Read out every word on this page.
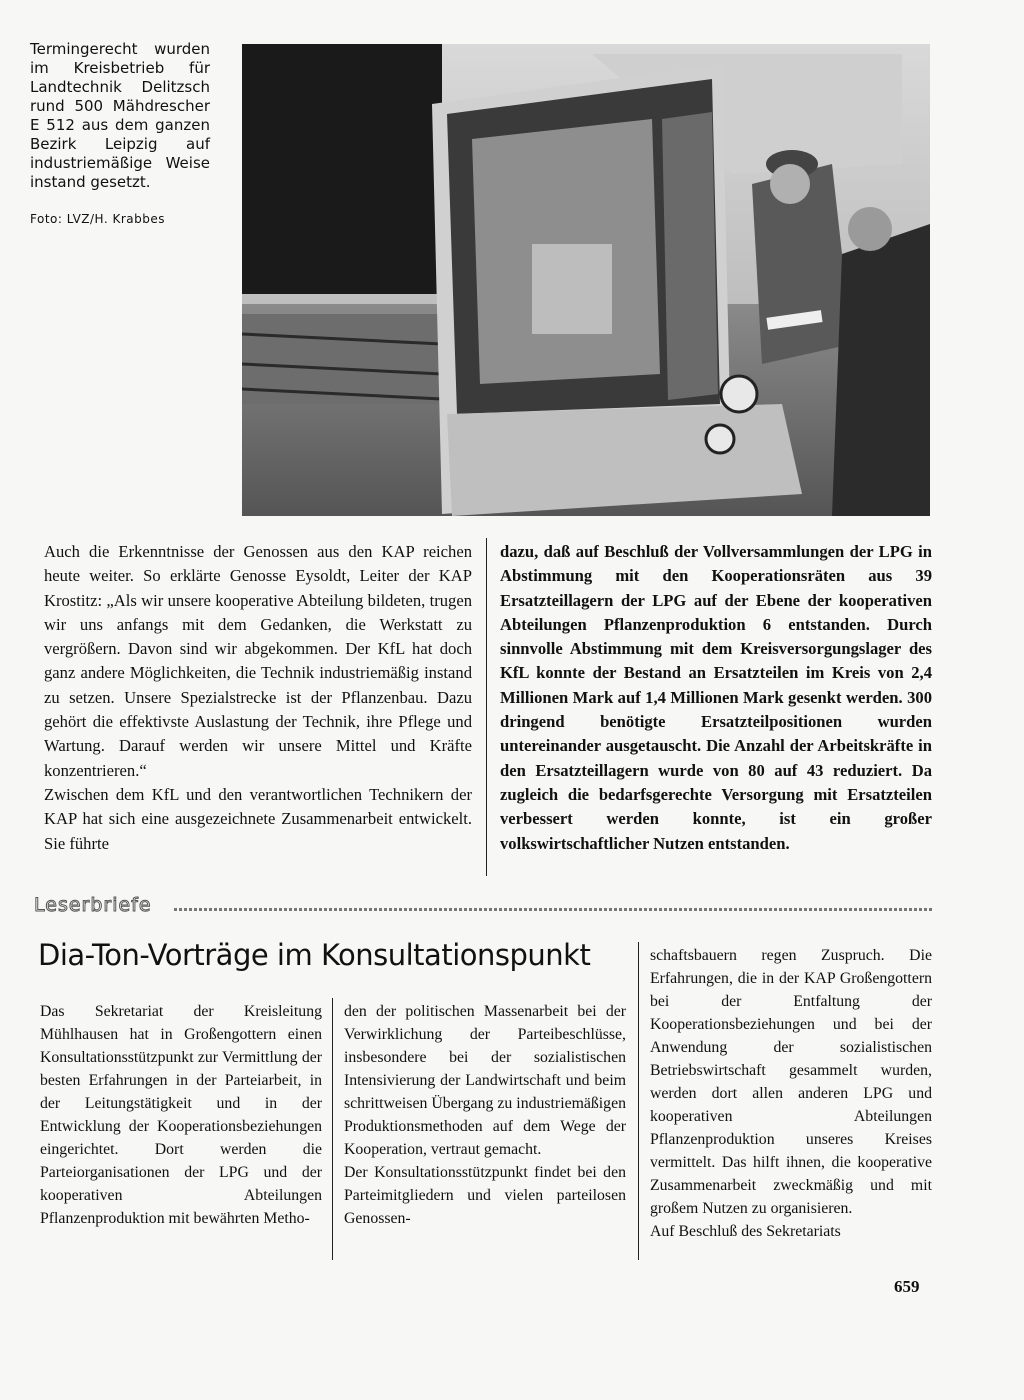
Termingerecht wurden im Kreisbetrieb für Landtechnik Delitzsch rund 500 Mähdrescher E 512 aus dem ganzen Bezirk Leipzig auf industriemäßige Weise instand gesetzt.
Foto: LVZ/H. Krabbes
Auch die Erkenntnisse der Genossen aus den KAP reichen heute weiter. So erklärte Genosse Eysoldt, Leiter der KAP Krostitz: „Als wir unsere kooperative Abteilung bildeten, trugen wir uns anfangs mit dem Gedanken, die Werkstatt zu vergrößern. Davon sind wir abgekommen. Der KfL hat doch ganz andere Möglichkeiten, die Technik industriemäßig instand zu setzen. Unsere Spezialstrecke ist der Pflanzenbau. Dazu gehört die effektivste Auslastung der Technik, ihre Pflege und Wartung. Darauf werden wir unsere Mittel und Kräfte konzentrieren.“
Zwischen dem KfL und den verantwortlichen Technikern der KAP hat sich eine ausgezeichnete Zusammenarbeit entwickelt. Sie führte
dazu, daß auf Beschluß der Vollversammlungen der LPG in Abstimmung mit den Kooperationsräten aus 39 Ersatzteillagern der LPG auf der Ebene der kooperativen Abteilungen Pflanzenproduktion 6 entstanden. Durch sinnvolle Abstimmung mit dem Kreisversorgungslager des KfL konnte der Bestand an Ersatzteilen im Kreis von 2,4 Millionen Mark auf 1,4 Millionen Mark gesenkt werden. 300 dringend benötigte Ersatzteilpositionen wurden untereinander ausgetauscht. Die Anzahl der Arbeitskräfte in den Ersatzteillagern wurde von 80 auf 43 reduziert. Da zugleich die bedarfsgerechte Versorgung mit Ersatzteilen verbessert werden konnte, ist ein großer volkswirtschaftlicher Nutzen entstanden.
Leserbriefe
Dia-Ton-Vorträge im Konsultationspunkt
Das Sekretariat der Kreisleitung Mühlhausen hat in Großengottern einen Konsultationsstützpunkt zur Vermittlung der besten Erfahrungen in der Parteiarbeit, in der Leitungstätigkeit und in der Entwicklung der Kooperationsbeziehungen eingerichtet. Dort werden die Parteiorganisationen der LPG und der kooperativen Abteilungen Pflanzenproduktion mit bewährten Metho-
den der politischen Massenarbeit bei der Verwirklichung der Parteibeschlüsse, insbesondere bei der sozialistischen Intensivierung der Landwirtschaft und beim schrittweisen Übergang zu industriemäßigen Produktionsmethoden auf dem Wege der Kooperation, vertraut gemacht.
Der Konsultationsstützpunkt findet bei den Parteimitgliedern und vielen parteilosen Genossen-
schaftsbauern regen Zuspruch. Die Erfahrungen, die in der KAP Großengottern bei der Entfaltung der Kooperationsbeziehungen und bei der Anwendung der sozialistischen Betriebswirtschaft gesammelt wurden, werden dort allen anderen LPG und kooperativen Abteilungen Pflanzenproduktion unseres Kreises vermittelt. Das hilft ihnen, die kooperative Zusammenarbeit zweckmäßig und mit großem Nutzen zu organisieren.
Auf Beschluß des Sekretariats
659
